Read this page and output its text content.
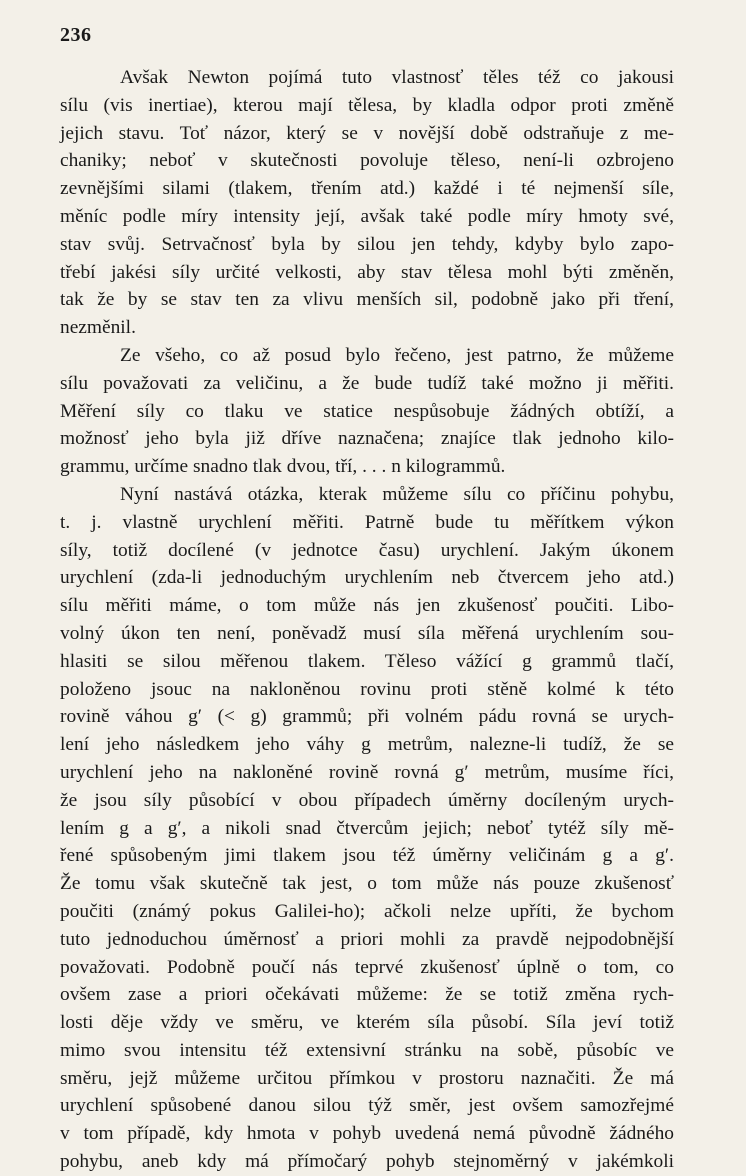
236
Avšak Newton pojímá tuto vlastnosť těles též co jakousi
sílu (vis inertiae), kterou mají tělesa, by kladla odpor proti změně
jejich stavu. Toť názor, který se v novější době odstraňuje z me-
chaniky; neboť v skutečnosti povoluje těleso, není-li ozbrojeno
zevnějšími silami (tlakem, třením atd.) každé i té nejmenší síle,
měníc podle míry intensity její, avšak také podle míry hmoty své,
stav svůj. Setrvačnosť byla by silou jen tehdy, kdyby bylo zapo-
třebí jakési síly určité velkosti, aby stav tělesa mohl býti změněn,
tak že by se stav ten za vlivu menších sil, podobně jako při tření,
nezměnil.
Ze všeho, co až posud bylo řečeno, jest patrno, že můžeme
sílu považovati za veličinu, a že bude tudíž také možno ji měřiti.
Měření síly co tlaku ve statice nespůsobuje žádných obtíží, a
možnosť jeho byla již dříve naznačena; znajíce tlak jednoho kilo-
grammu, určíme snadno tlak dvou, tří, . . . n kilogrammů.
Nyní nastává otázka, kterak můžeme sílu co příčinu pohybu,
t. j. vlastně urychlení měřiti. Patrně bude tu měřítkem výkon
síly, totiž docílené (v jednotce času) urychlení. Jakým úkonem
urychlení (zda-li jednoduchým urychlením neb čtvercem jeho atd.)
sílu měřiti máme, o tom může nás jen zkušenosť poučiti. Libo-
volný úkon ten není, poněvadž musí síla měřená urychlením sou-
hlasiti se silou měřenou tlakem. Těleso vážící g grammů tlačí,
položeno jsouc na nakloněnou rovinu proti stěně kolmé k této
rovině váhou g′ (< g) grammů; při volném pádu rovná se urych-
lení jeho následkem jeho váhy g metrům, nalezne-li tudíž, že se
urychlení jeho na nakloněné rovině rovná g′ metrům, musíme říci,
že jsou síly působící v obou případech úměrny docíleným urych-
lením g a g′, a nikoli snad čtvercům jejich; neboť tytéž síly mě-
řené spůsobeným jimi tlakem jsou též úměrny veličinám g a g′.
Že tomu však skutečně tak jest, o tom může nás pouze zkušenosť
poučiti (známý pokus Galilei-ho); ačkoli nelze upříti, že bychom
tuto jednoduchou úměrnosť a priori mohli za pravdě nejpodobnější
považovati. Podobně poučí nás teprvé zkušenosť úplně o tom, co
ovšem zase a priori očekávati můžeme: že se totiž změna rych-
losti děje vždy ve směru, ve kterém síla působí. Síla jeví totiž
mimo svou intensitu též extensivní stránku na sobě, působíc ve
směru, jejž můžeme určitou přímkou v prostoru naznačiti. Že má
urychlení spůsobené danou silou týž směr, jest ovšem samozřejmé
v tom případě, kdy hmota v pohyb uvedená nemá původně žádného
pohybu, aneb kdy má přímočarý pohyb stejnoměrný v jakémkoli
